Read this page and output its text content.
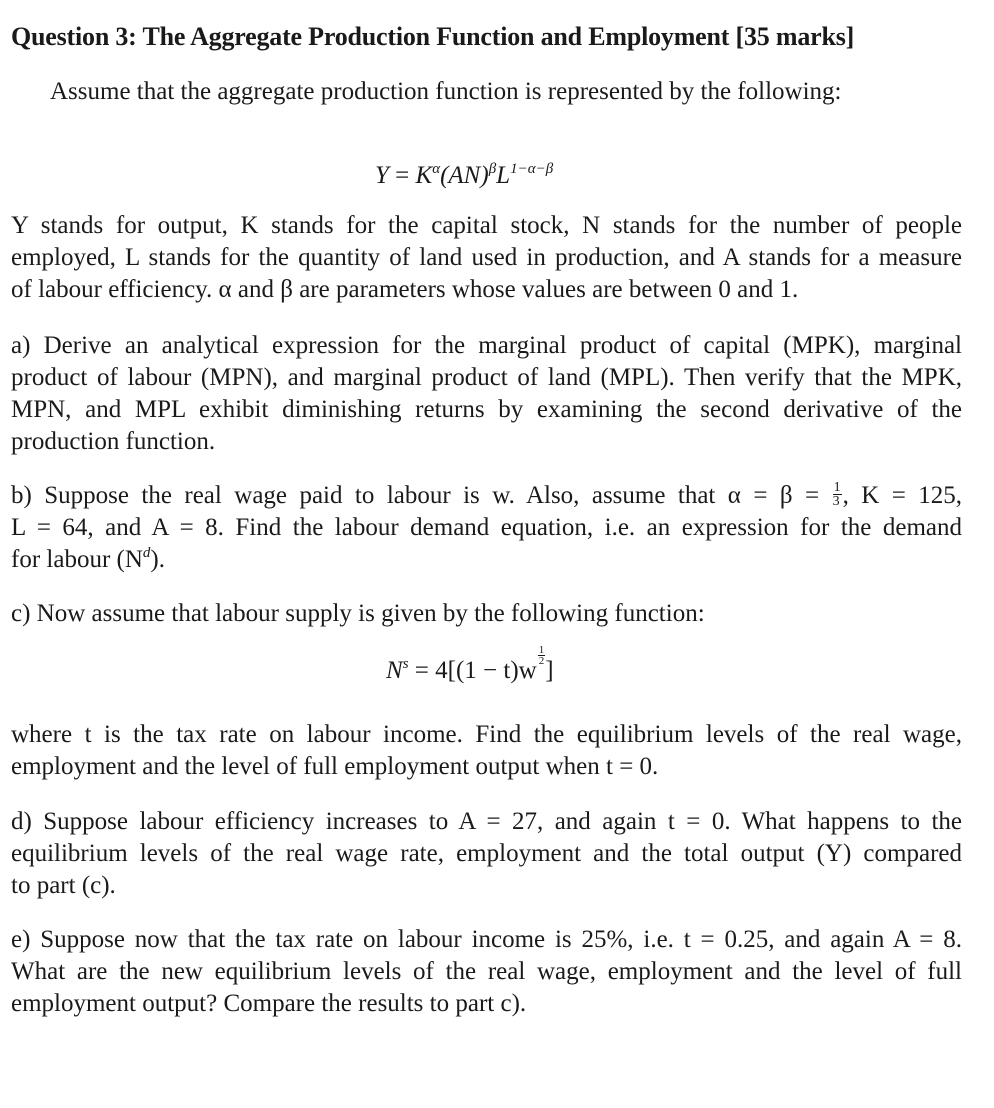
Question 3: The Aggregate Production Function and Employment [35 marks]
Assume that the aggregate production function is represented by the following:
$Y = K^\alpha(AN)^\beta L^{1-\alpha-\beta}$
Y stands for output, K stands for the capital stock, N stands for the number of people
employed, L stands for the quantity of land used in production, and A stands for a measure
of labour efficiency. α and β are parameters whose values are between 0 and 1.
a) Derive an analytical expression for the marginal product of capital (MPK), marginal
product of labour (MPN), and marginal product of land (MPL). Then verify that the MPK,
MPN, and MPL exhibit diminishing returns by examining the second derivative of the
production function.
b) Suppose the real wage paid to labour is w. Also, assume that $\alpha = \beta = \frac{1}{3}$ , K = 125,
L = 64, and A = 8. Find the labour demand equation, i.e. an expression for the demand
for labour $(N^d)$.
c) Now assume that labour supply is given by the following function:
$N^s = 4[(1 - t)w$
$\frac{1}{2}$
]
where t is the tax rate on labour income. Find the equilibrium levels of the real wage,
employment and the level of full employment output when t = 0.
d) Suppose labour efficiency increases to A = 27, and again t = 0. What happens to the
equilibrium levels of the real wage rate, employment and the total output (Y) compared
to part (c).
e) Suppose now that the tax rate on labour income is 25%, i.e. t = 0.25, and again A = 8.
What are the new equilibrium levels of the real wage, employment and the level of full
employment output? Compare the results to part c).
